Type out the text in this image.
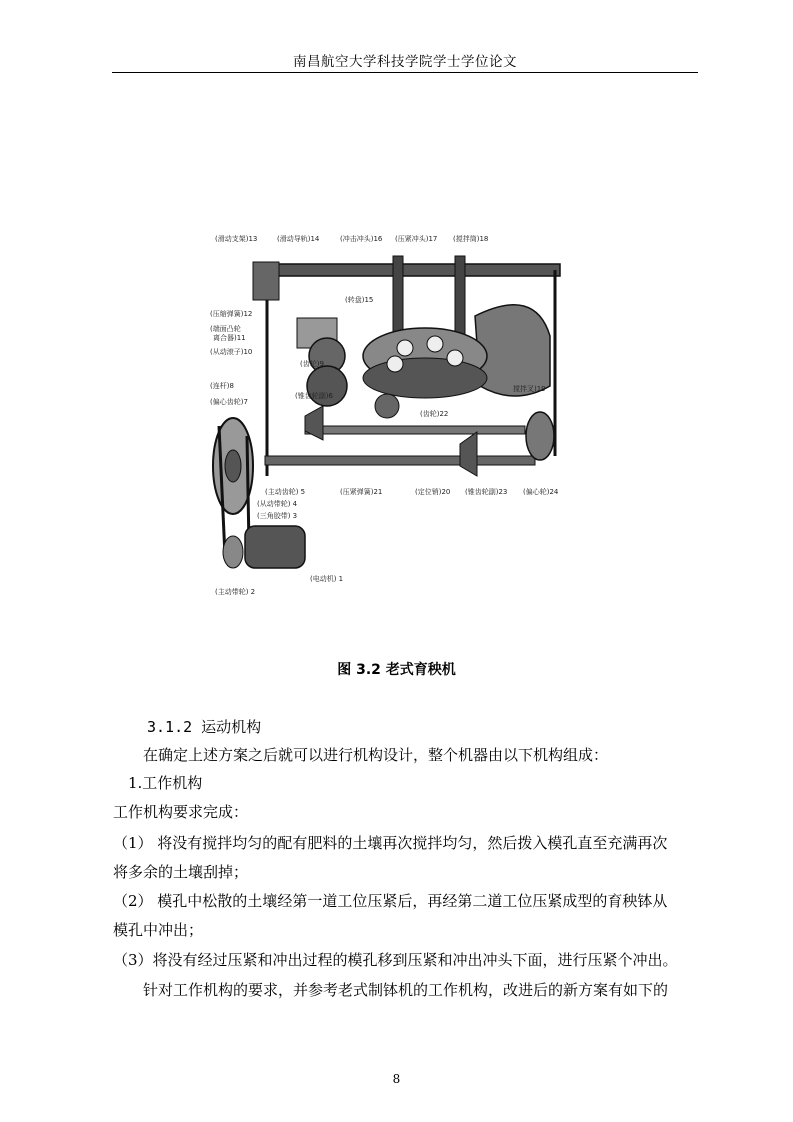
南昌航空大学科技学院学士学位论文
(滑动支架)13	(滑动导轨)14	(冲击冲头)16 (压紧冲头)17 (搅拌筒)18
(转盘)15
(压缩弹簧)12
(端面凸轮
离合器)11
(从动滚子)10
(齿轮)9
(连杆)8
(偏心齿轮)7
(锥齿轮副)6
(齿轮)22
搅拌叉)19
(主动齿轮) 5	(压紧弹簧)21	(定位销)20 (锥齿轮副)23 (偏心轮)24
(从动带轮) 4
(三角胶带) 3
(电动机) 1
(主动带轮) 2
图 3.2 老式育秧机
3.1.2 运动机构
在确定上述方案之后就可以进行机构设计，整个机器由以下机构组成：
1.工作机构
工作机构要求完成：
（1） 将没有搅拌均匀的配有肥料的土壤再次搅拌均匀，然后拨入模孔直至充满再次
将多余的土壤刮掉；
（2） 模孔中松散的土壤经第一道工位压紧后，再经第二道工位压紧成型的育秧钵从
模孔中冲出；
（3）将没有经过压紧和冲出过程的模孔移到压紧和冲出冲头下面，进行压紧个冲出。
针对工作机构的要求，并参考老式制钵机的工作机构，改进后的新方案有如下的
8
